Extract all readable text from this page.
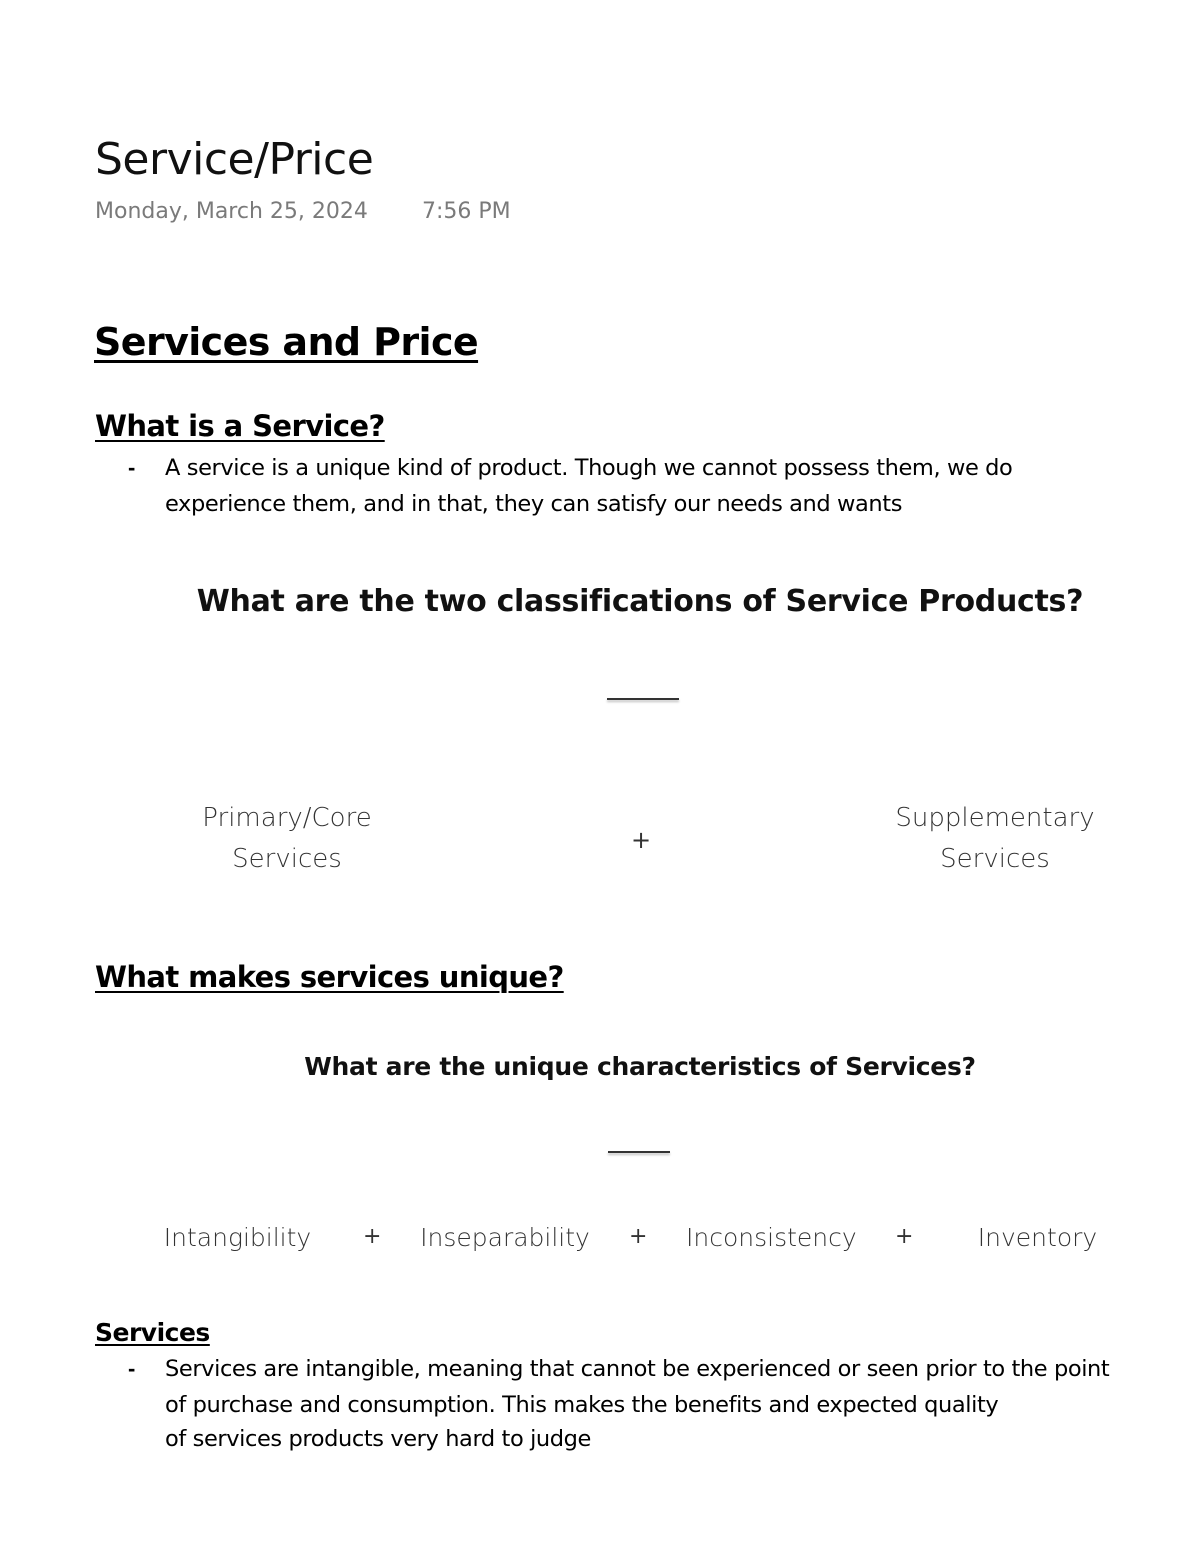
Service/Price
Monday, March 25, 2024 7:56 PM
Services and Price
What is a Service?
- A service is a unique kind of product. Though we cannot possess them, we do experience them, and in that, they can satisfy our needs and wants
What are the two classifications of Service Products?
Primary/Core Services
+
Supplementary Services
What makes services unique?
What are the unique characteristics of Services?
Intangibility + Inseparability + Inconsistency +	Inventory
Services
- Services are intangible, meaning that cannot be experienced or seen prior to the point of purchase and consumption. This makes the benefits and expected quality
of services products very hard to judge
